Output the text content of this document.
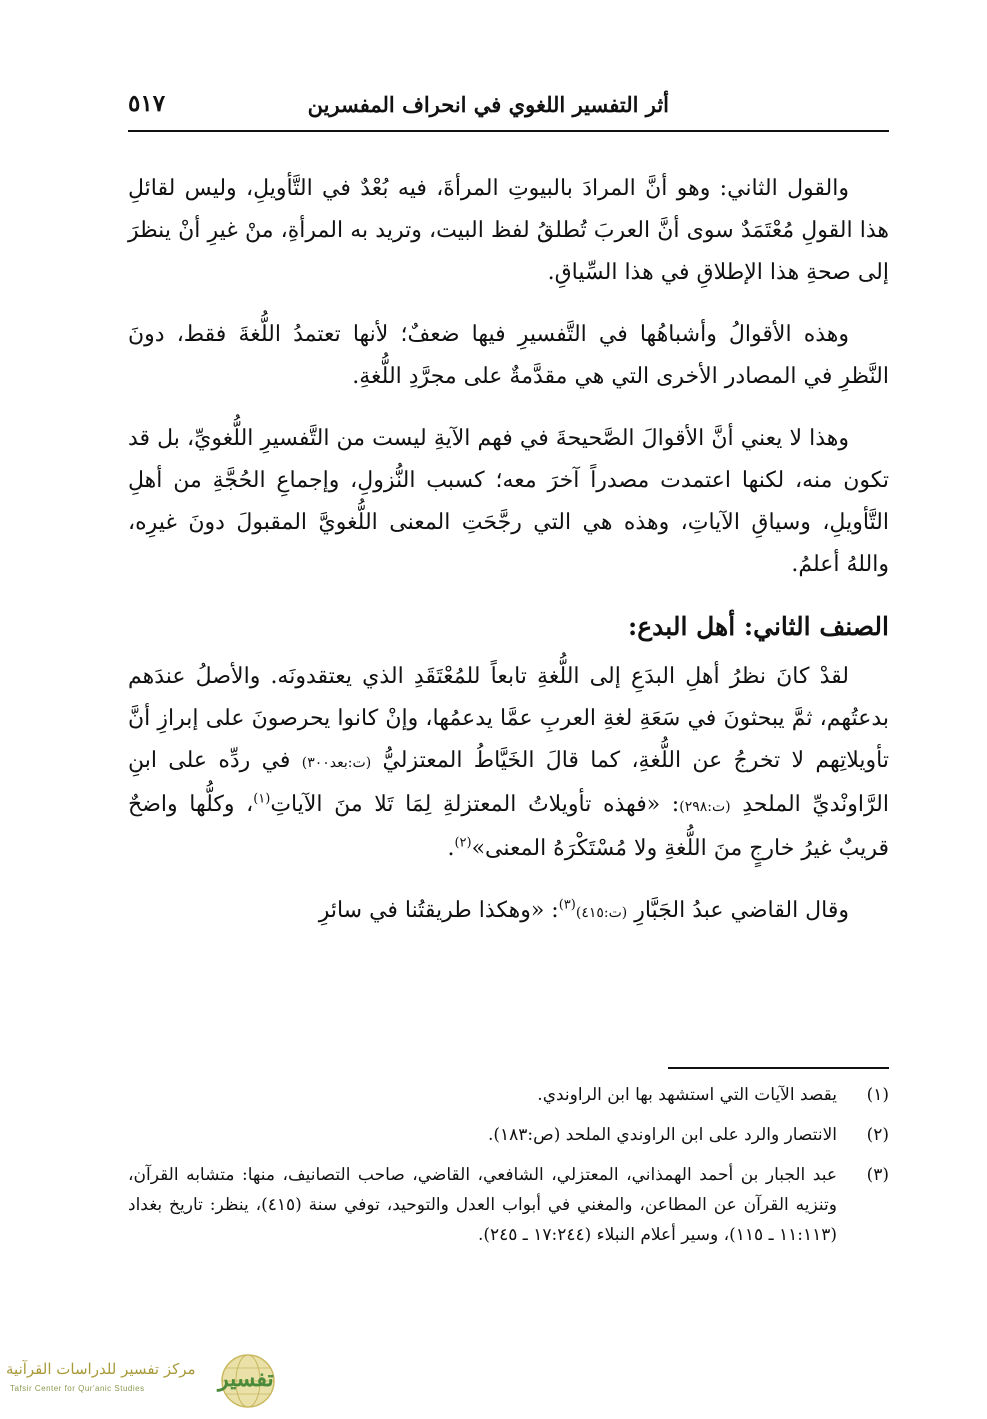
أثر التفسير اللغوي في انحراف المفسرين
٥١٧

والقول الثاني: وهو أنَّ المرادَ بالبيوتِ المرأةَ، فيه بُعْدٌ في التَّأويلِ، وليس لقائلِ هذا القولِ مُعْتَمَدٌ سوى أنَّ العربَ تُطلقُ لفظ البيت، وتريد به المرأةِ، منْ غيرِ أنْ ينظرَ إلى صحةِ هذا الإطلاقِ في هذا السِّياقِ.

وهذه الأقوالُ وأشباهُها في التَّفسيرِ فيها ضعفٌ؛ لأنها تعتمدُ اللُّغةَ فقط، دونَ النَّظرِ في المصادر الأخرى التي هي مقدَّمةٌ على مجرَّدِ اللُّغةِ.

وهذا لا يعني أنَّ الأقوالَ الصَّحيحةَ في فهم الآيةِ ليست من التَّفسيرِ اللُّغويِّ، بل قد تكون منه، لكنها اعتمدت مصدراً آخرَ معه؛ كسبب النُّزولِ، وإجماعِ الحُجَّةِ من أهلِ التَّأويلِ، وسياقِ الآياتِ، وهذه هي التي رجَّحَتِ المعنى اللُّغويَّ المقبولَ دونَ غيرِه، واللهُ أعلمُ.

الصنف الثاني: أهل البدع:

لقدْ كانَ نظرُ أهلِ البدَعِ إلى اللُّغةِ تابعاً للمُعْتَقَدِ الذي يعتقدونَه. والأصلُ عندَهم بدعتُهم، ثمَّ يبحثونَ في سَعَةِ لغةِ العربِ عمَّا يدعمُها، وإنْ كانوا يحرصونَ على إبرازِ أنَّ تأويلاتِهم لا تخرجُ عن اللُّغةِ، كما قالَ الخَيَّاطُ المعتزليُّ (ت:بعد٣٠٠) في ردِّه على ابنِ الرَّاونْديِّ الملحدِ (ت:٢٩٨): «فهذه تأويلاتُ المعتزلةِ لِمَا تَلا منَ الآياتِ$^{(١)}$، وكلُّها واضحٌ قريبٌ غيرُ خارجٍ منَ اللُّغةِ ولا مُسْتَكْرَهُ المعنى»$^{(٢)}$.

وقال القاضي عبدُ الجَبَّارِ (ت:٤١٥)$^{(٣)}$: «وهكذا طريقتُنا في سائرِ

(١)
يقصد الآيات التي استشهد بها ابن الراوندي.
(٢)
الانتصار والرد على ابن الراوندي الملحد (ص:١٨٣).
(٣)
عبد الجبار بن أحمد الهمذاني، المعتزلي، الشافعي، القاضي، صاحب التصانيف، منها: متشابه القرآن، وتنزيه القرآن عن المطاعن، والمغني في أبواب العدل والتوحيد، توفي سنة (٤١٥)، ينظر: تاريخ بغداد (١١:١١٣ ـ ١١٥)، وسير أعلام النبلاء (١٧:٢٤٤ ـ ٢٤٥).
مركز تفسير للدراسات القرآنية
Tafsir Center for Qur'anic Studies	تفسير
